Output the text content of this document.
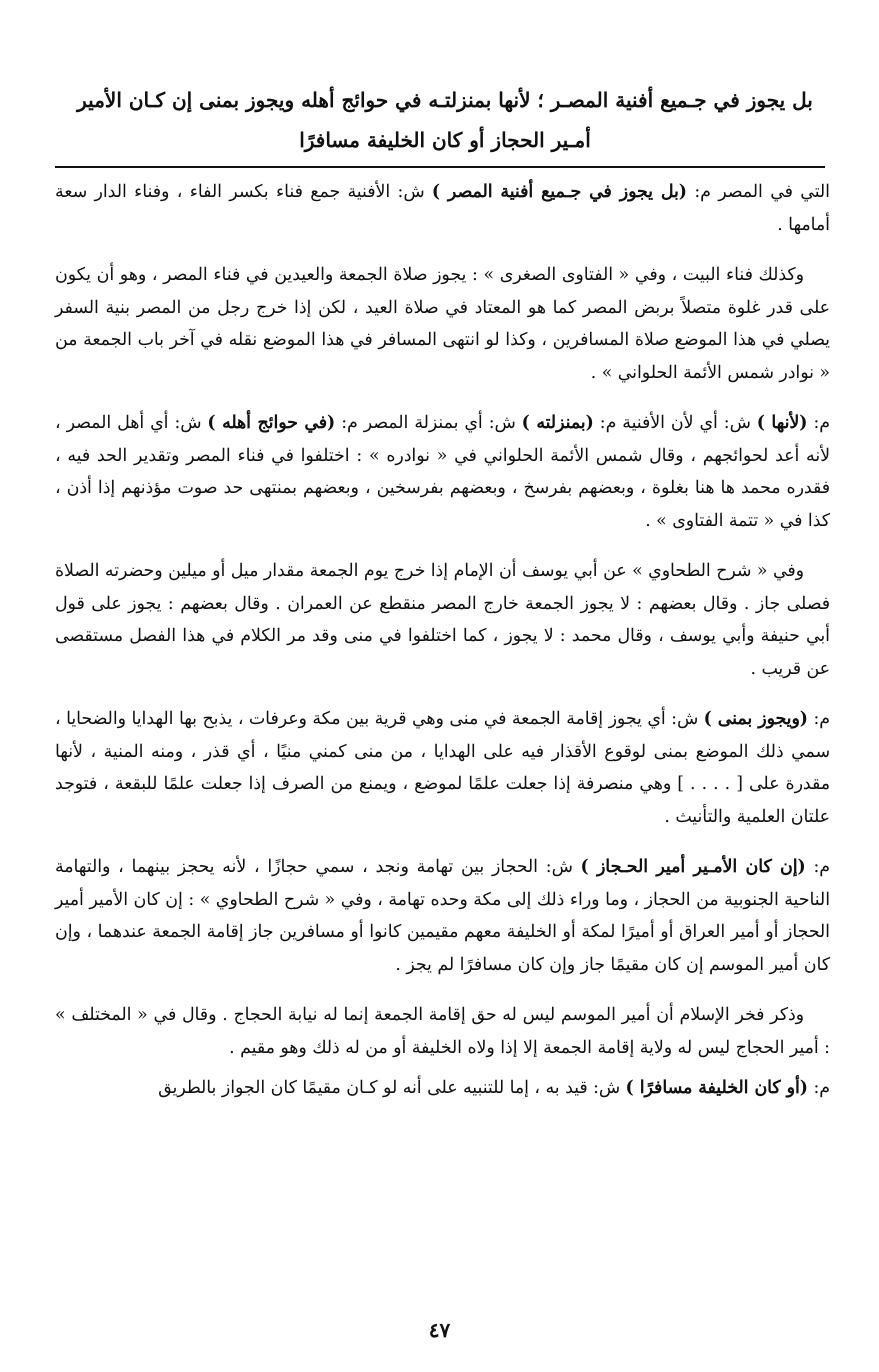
بل يجوز في جـميع أفنية المصـر ؛ لأنها بمنزلتـه في حوائج أهله ويجوز بمنى إن كـان الأمير أمـير الحجاز أو كان الخليفة مسافرًا

التي في المصر م: (بل يجوز في جـميع أفنية المصر ) ش: الأفنية جمع فناء بكسر الفاء ، وفناء الدار سعة أمامها .

وكذلك فناء البيت ، وفي « الفتاوى الصغرى » : يجوز صلاة الجمعة والعيدين في فناء المصر ، وهو أن يكون على قدر غلوة متصلاً بربض المصر كما هو المعتاد في صلاة العيد ، لكن إذا خرج رجل من المصر بنية السفر يصلي في هذا الموضع صلاة المسافرين ، وكذا لو انتهى المسافر في هذا الموضع نقله في آخر باب الجمعة من « نوادر شمس الأئمة الحلواني » .

م: (لأنها ) ش: أي لأن الأفنية م: (بمنزلته ) ش: أي بمنزلة المصر م: (في حوائج أهله ) ش: أي أهل المصر ، لأنه أعد لحوائجهم ، وقال شمس الأئمة الحلواني في « نوادره » : اختلفوا في فناء المصر وتقدير الحد فيه ، فقدره محمد ها هنا بغلوة ، وبعضهم بفرسخ ، وبعضهم بفرسخين ، وبعضهم بمنتهى حد صوت مؤذنهم إذا أذن ، كذا في « تتمة الفتاوى » .

وفي « شرح الطحاوي » عن أبي يوسف أن الإمام إذا خرج يوم الجمعة مقدار ميل أو ميلين وحضرته الصلاة فصلى جاز . وقال بعضهم : لا يجوز الجمعة خارج المصر منقطع عن العمران . وقال بعضهم : يجوز على قول أبي حنيفة وأبي يوسف ، وقال محمد : لا يجوز ، كما اختلفوا في منى وقد مر الكلام في هذا الفصل مستقصى عن قريب .

م: (ويجوز بمنى ) ش: أي يجوز إقامة الجمعة في منى وهي قرية بين مكة وعرفات ، يذبح بها الهدايا والضحايا ، سمي ذلك الموضع بمنى لوقوع الأقذار فيه على الهدايا ، من منى كمني منيًا ، أي قذر ، ومنه المنية ، لأنها مقدرة على [ . . . . ] وهي منصرفة إذا جعلت علمًا لموضع ، ويمنع من الصرف إذا جعلت علمًا للبقعة ، فتوجد علتان العلمية والتأنيث .

م: (إن كان الأمـير أمير الحـجاز ) ش: الحجاز بين تهامة ونجد ، سمي حجازًا ، لأنه يحجز بينهما ، والتهامة الناحية الجنوبية من الحجاز ، وما وراء ذلك إلى مكة وحده تهامة ، وفي « شرح الطحاوي » : إن كان الأمير أمير الحجاز أو أمير العراق أو أميرًا لمكة أو الخليفة معهم مقيمين كانوا أو مسافرين جاز إقامة الجمعة عندهما ، وإن كان أمير الموسم إن كان مقيمًا جاز وإن كان مسافرًا لم يجز .

وذكر فخر الإسلام أن أمير الموسم ليس له حق إقامة الجمعة إنما له نيابة الحجاج . وقال في « المختلف » : أمير الحجاج ليس له ولاية إقامة الجمعة إلا إذا ولاه الخليفة أو من له ذلك وهو مقيم .

م: (أو كان الخليفة مسافرًا ) ش: قيد به ، إما للتنبيه على أنه لو كـان مقيمًا كان الجواز بالطريق

٤٧
